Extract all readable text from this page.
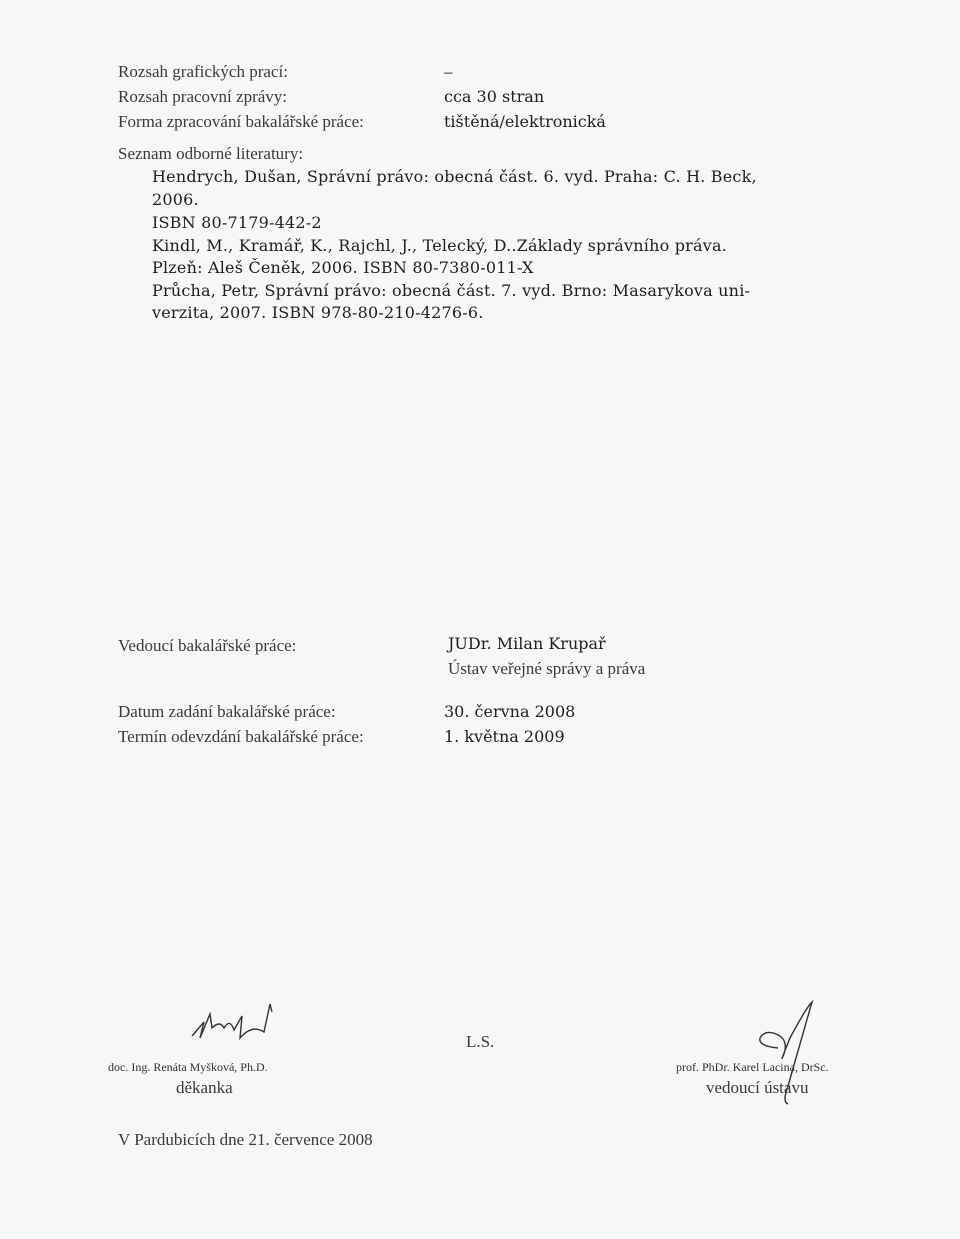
Rozsah grafických prací:	–
Rozsah pracovní zprávy:	cca 30 stran
Forma zpracování bakalářské práce:	tištěná/elektronická
Seznam odborné literatury:
Hendrych, Dušan, Správní právo: obecná část. 6. vyd. Praha: C. H. Beck,
2006.
ISBN 80-7179-442-2
Kindl, M., Kramář, K., Rajchl, J., Telecký, D..Základy správního práva.
Plzeň: Aleš Čeněk, 2006. ISBN 80-7380-011-X
Průcha, Petr, Správní právo: obecná část. 7. vyd. Brno: Masarykova uni-
verzita, 2007. ISBN 978-80-210-4276-6.
Vedoucí bakalářské práce:	JUDr. Milan Krupař
Ústav veřejné správy a práva
Datum zadání bakalářské práce:	30. června 2008
Termín odevzdání bakalářské práce:	1. května 2009
doc. Ing. Renáta Myšková, Ph.D.
děkanka
L.S.
prof. PhDr. Karel Lacina, DrSc.
vedoucí ústavu
V Pardubicích dne 21. července 2008
